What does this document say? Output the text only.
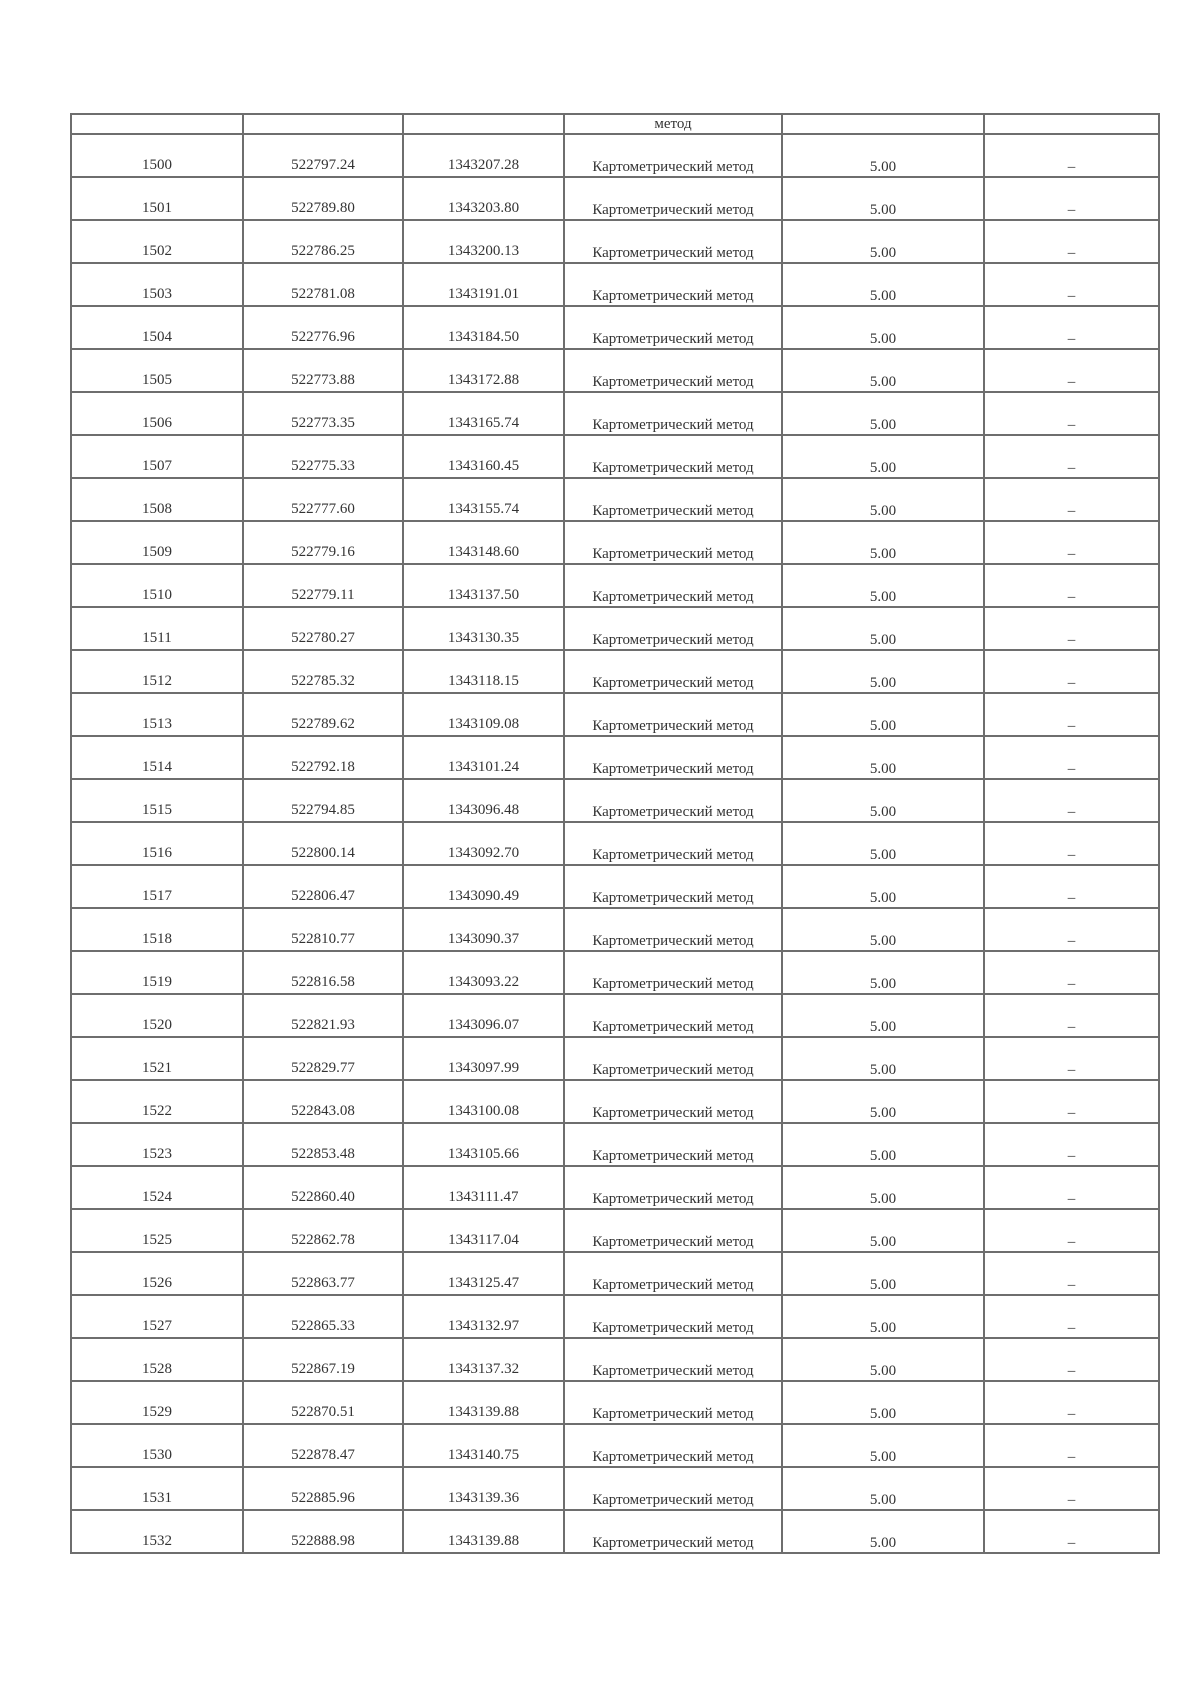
			метод		

1500	522797.24	1343207.28	Картометрический метод	5.00	–

1501	522789.80	1343203.80	Картометрический метод	5.00	–

1502	522786.25	1343200.13	Картометрический метод	5.00	–

1503	522781.08	1343191.01	Картометрический метод	5.00	–

1504	522776.96	1343184.50	Картометрический метод	5.00	–

1505	522773.88	1343172.88	Картометрический метод	5.00	–

1506	522773.35	1343165.74	Картометрический метод	5.00	–

1507	522775.33	1343160.45	Картометрический метод	5.00	–

1508	522777.60	1343155.74	Картометрический метод	5.00	–

1509	522779.16	1343148.60	Картометрический метод	5.00	–

1510	522779.11	1343137.50	Картометрический метод	5.00	–

1511	522780.27	1343130.35	Картометрический метод	5.00	–

1512	522785.32	1343118.15	Картометрический метод	5.00	–

1513	522789.62	1343109.08	Картометрический метод	5.00	–

1514	522792.18	1343101.24	Картометрический метод	5.00	–

1515	522794.85	1343096.48	Картометрический метод	5.00	–

1516	522800.14	1343092.70	Картометрический метод	5.00	–

1517	522806.47	1343090.49	Картометрический метод	5.00	–

1518	522810.77	1343090.37	Картометрический метод	5.00	–

1519	522816.58	1343093.22	Картометрический метод	5.00	–

1520	522821.93	1343096.07	Картометрический метод	5.00	–

1521	522829.77	1343097.99	Картометрический метод	5.00	–

1522	522843.08	1343100.08	Картометрический метод	5.00	–

1523	522853.48	1343105.66	Картометрический метод	5.00	–

1524	522860.40	1343111.47	Картометрический метод	5.00	–

1525	522862.78	1343117.04	Картометрический метод	5.00	–

1526	522863.77	1343125.47	Картометрический метод	5.00	–

1527	522865.33	1343132.97	Картометрический метод	5.00	–

1528	522867.19	1343137.32	Картометрический метод	5.00	–

1529	522870.51	1343139.88	Картометрический метод	5.00	–

1530	522878.47	1343140.75	Картометрический метод	5.00	–

1531	522885.96	1343139.36	Картометрический метод	5.00	–

1532	522888.98	1343139.88	Картометрический метод	5.00	–
